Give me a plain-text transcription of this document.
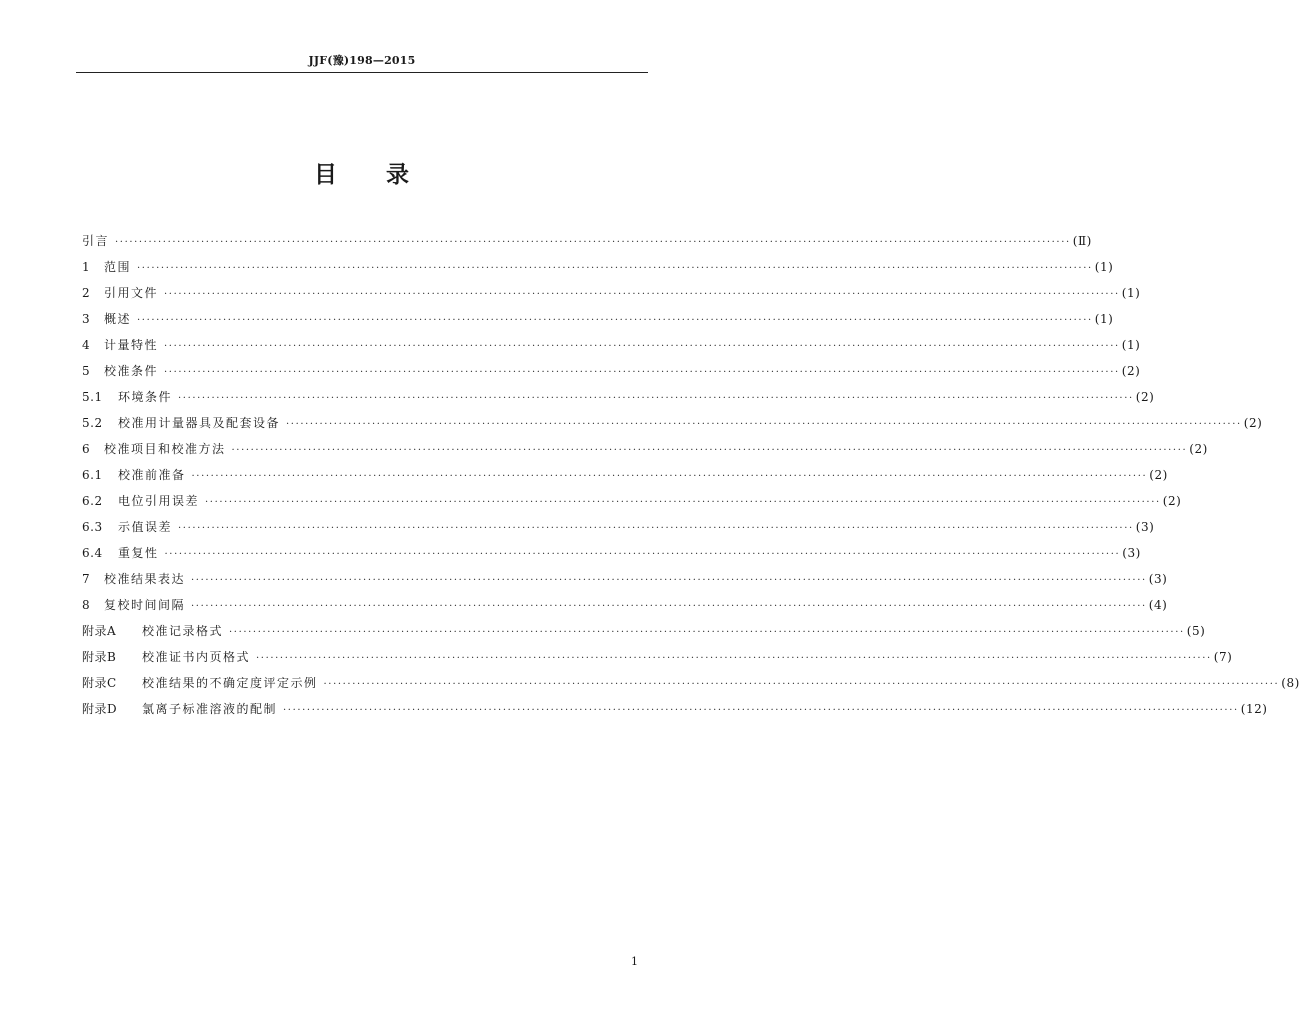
JJF(豫)198—2015
目 录
引言 ········································································································································································································ (Ⅱ)
1	范围 ········································································································································································································ (1)
2	引用文件 ········································································································································································································ (1)
3	概述 ········································································································································································································ (1)
4	计量特性 ········································································································································································································ (1)
5	校准条件 ········································································································································································································ (2)
5.1	环境条件 ········································································································································································································ (2)
5.2	校准用计量器具及配套设备 ········································································································································································································ (2)
6	校准项目和校准方法 ········································································································································································································ (2)
6.1	校准前准备 ········································································································································································································ (2)
6.2	电位引用误差 ········································································································································································································ (2)
6.3	示值误差 ········································································································································································································ (3)
6.4	重复性 ········································································································································································································ (3)
7	校准结果表达 ········································································································································································································ (3)
8	复校时间间隔 ········································································································································································································ (4)
附录A	校准记录格式 ········································································································································································································ (5)
附录B	校准证书内页格式 ········································································································································································································ (7)
附录C	校准结果的不确定度评定示例 ········································································································································································································ (8)
附录D	氯离子标准溶液的配制 ········································································································································································································ (12)
1
